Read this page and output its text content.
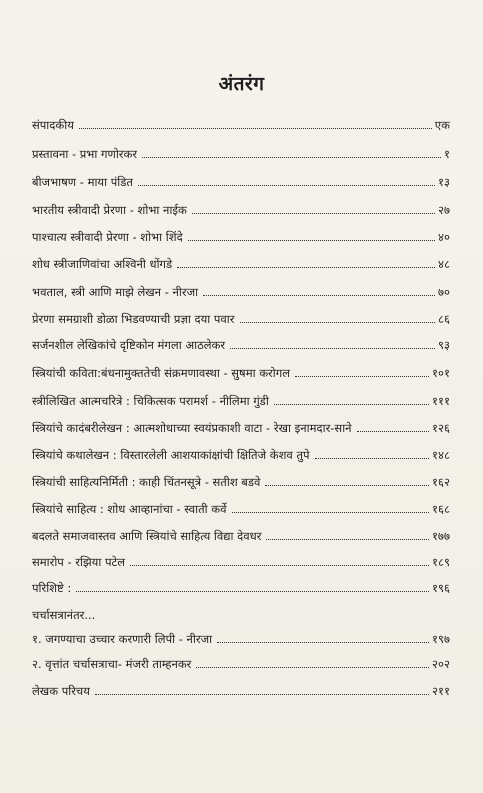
अंतरंग
संपादकीय	एक
प्रस्तावना - प्रभा गणोरकर	१
बीजभाषण - माया पंडित	१३
भारतीय स्त्रीवादी प्रेरणा - शोभा नाईक	२७
पाश्चात्य स्त्रीवादी प्रेरणा - शोभा शिंदे	४०
शोध स्त्रीजाणिवांचा अश्विनी धोंगडे	४८
भवताल, स्त्री आणि माझे लेखन - नीरजा	७०
प्रेरणा समग्राशी डोळा भिडवण्याची प्रज्ञा दया पवार	८६
सर्जनशील लेखिकांचे दृष्टिकोन मंगला आठलेकर	९३
स्त्रियांची कविता:बंधनामुक्ततेची संक्रमणावस्था - सुषमा करोगल	१०१
स्त्रीलिखित आत्मचरित्रे : चिकित्सक परामर्श - नीलिमा गुंडी	१११
स्त्रियांचे कादंबरीलेखन : आत्मशोधाच्या स्वयंप्रकाशी वाटा - रेखा इनामदार-साने	१२६
स्त्रियांचे कथालेखन : विस्तारलेली आशयाकांक्षांची क्षितिजे केशव तुपे	१४८
स्त्रियांची साहित्यनिर्मिती : काही चिंतनसूत्रे - सतीश बडवे	१६२
स्त्रियांचे साहित्य : शोध आव्हानांचा - स्वाती कर्वे	१६८
बदलते समाजवास्तव आणि स्त्रियांचे साहित्य विद्या देवधर	१७७
समारोप - रझिया पटेल	१८९
परिशिष्टे :	१९६
चर्चासत्रानंतर...
१. जगण्याचा उच्चार करणारी लिपी - नीरजा	१९७
२. वृत्तांत चर्चासत्राचा- मंजरी ताम्हनकर	२०२
लेखक परिचय	२११
